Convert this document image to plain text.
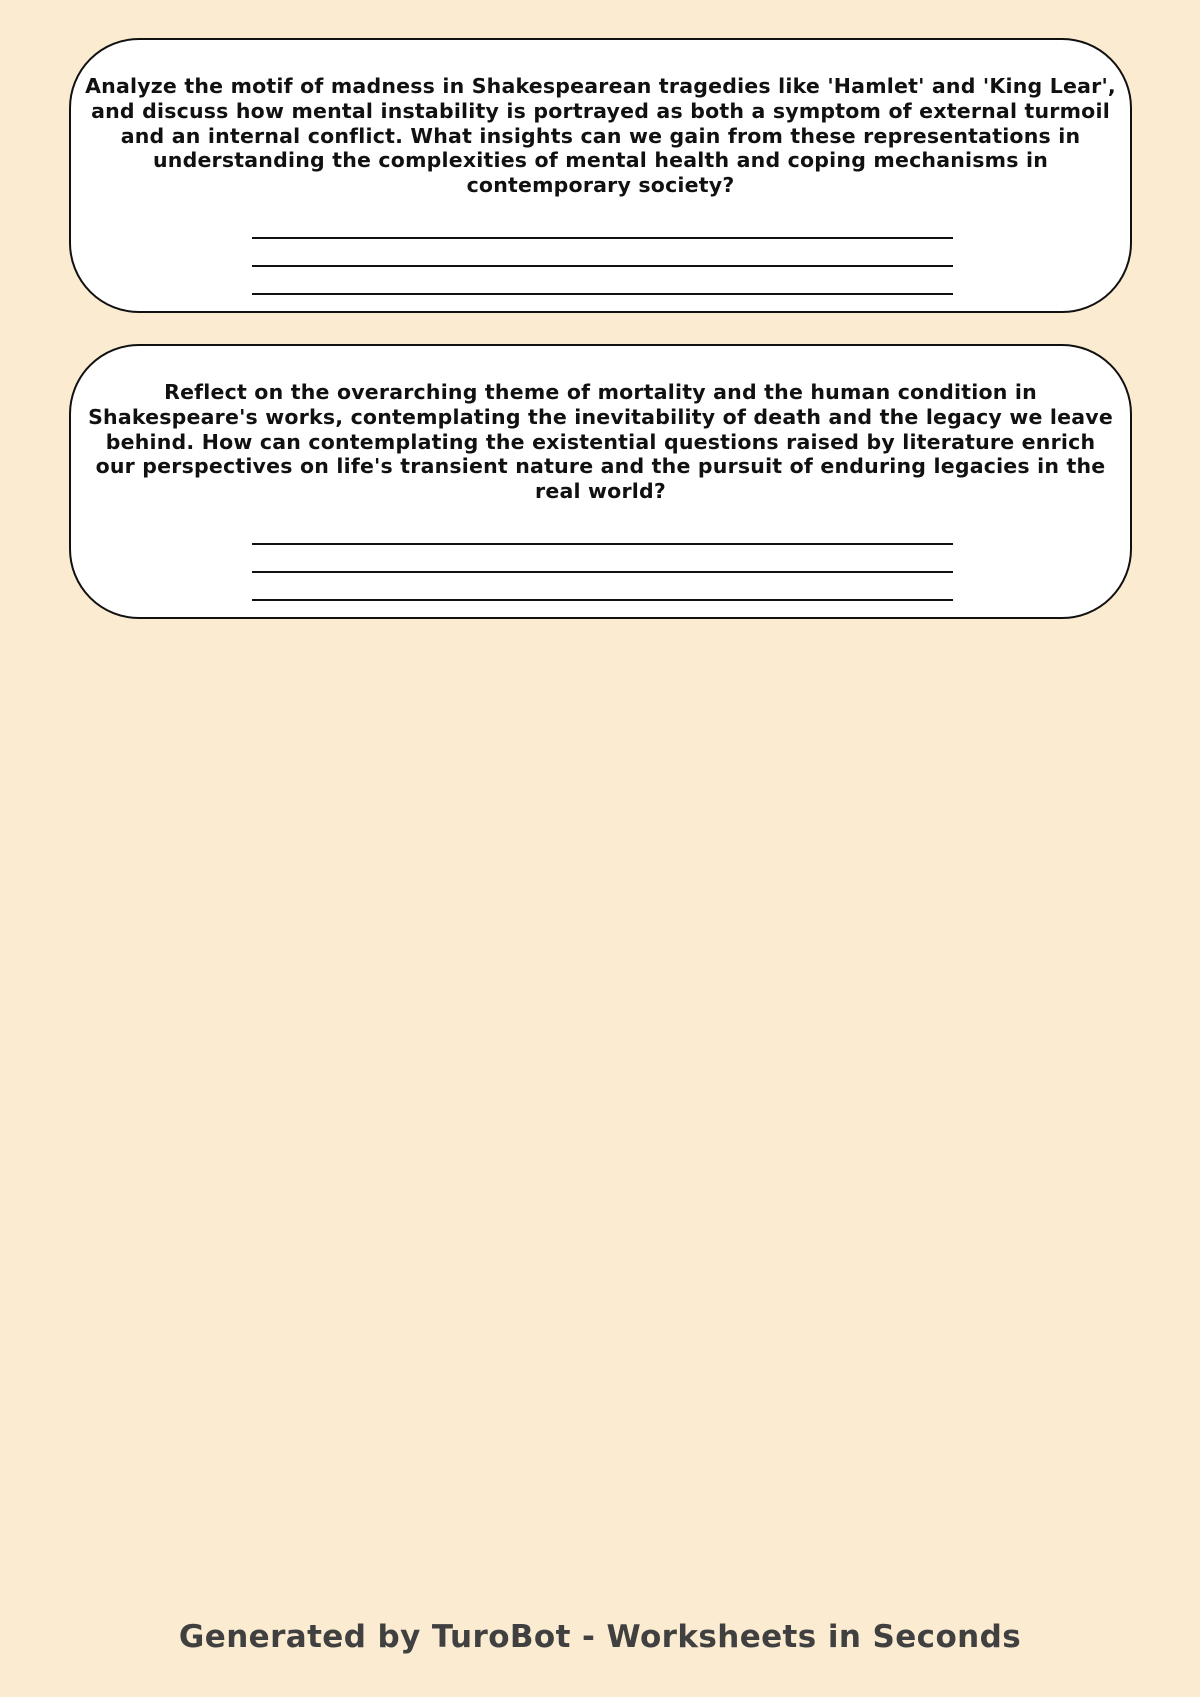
Analyze the motif of madness in Shakespearean tragedies like 'Hamlet' and 'King Lear', and discuss how mental instability is portrayed as both a symptom of external turmoil and an internal conflict. What insights can we gain from these representations in understanding the complexities of mental health and coping mechanisms in contemporary society?

Reflect on the overarching theme of mortality and the human condition in Shakespeare's works, contemplating the inevitability of death and the legacy we leave behind. How can contemplating the existential questions raised by literature enrich our perspectives on life's transient nature and the pursuit of enduring legacies in the real world?

Generated by TuroBot - Worksheets in Seconds
